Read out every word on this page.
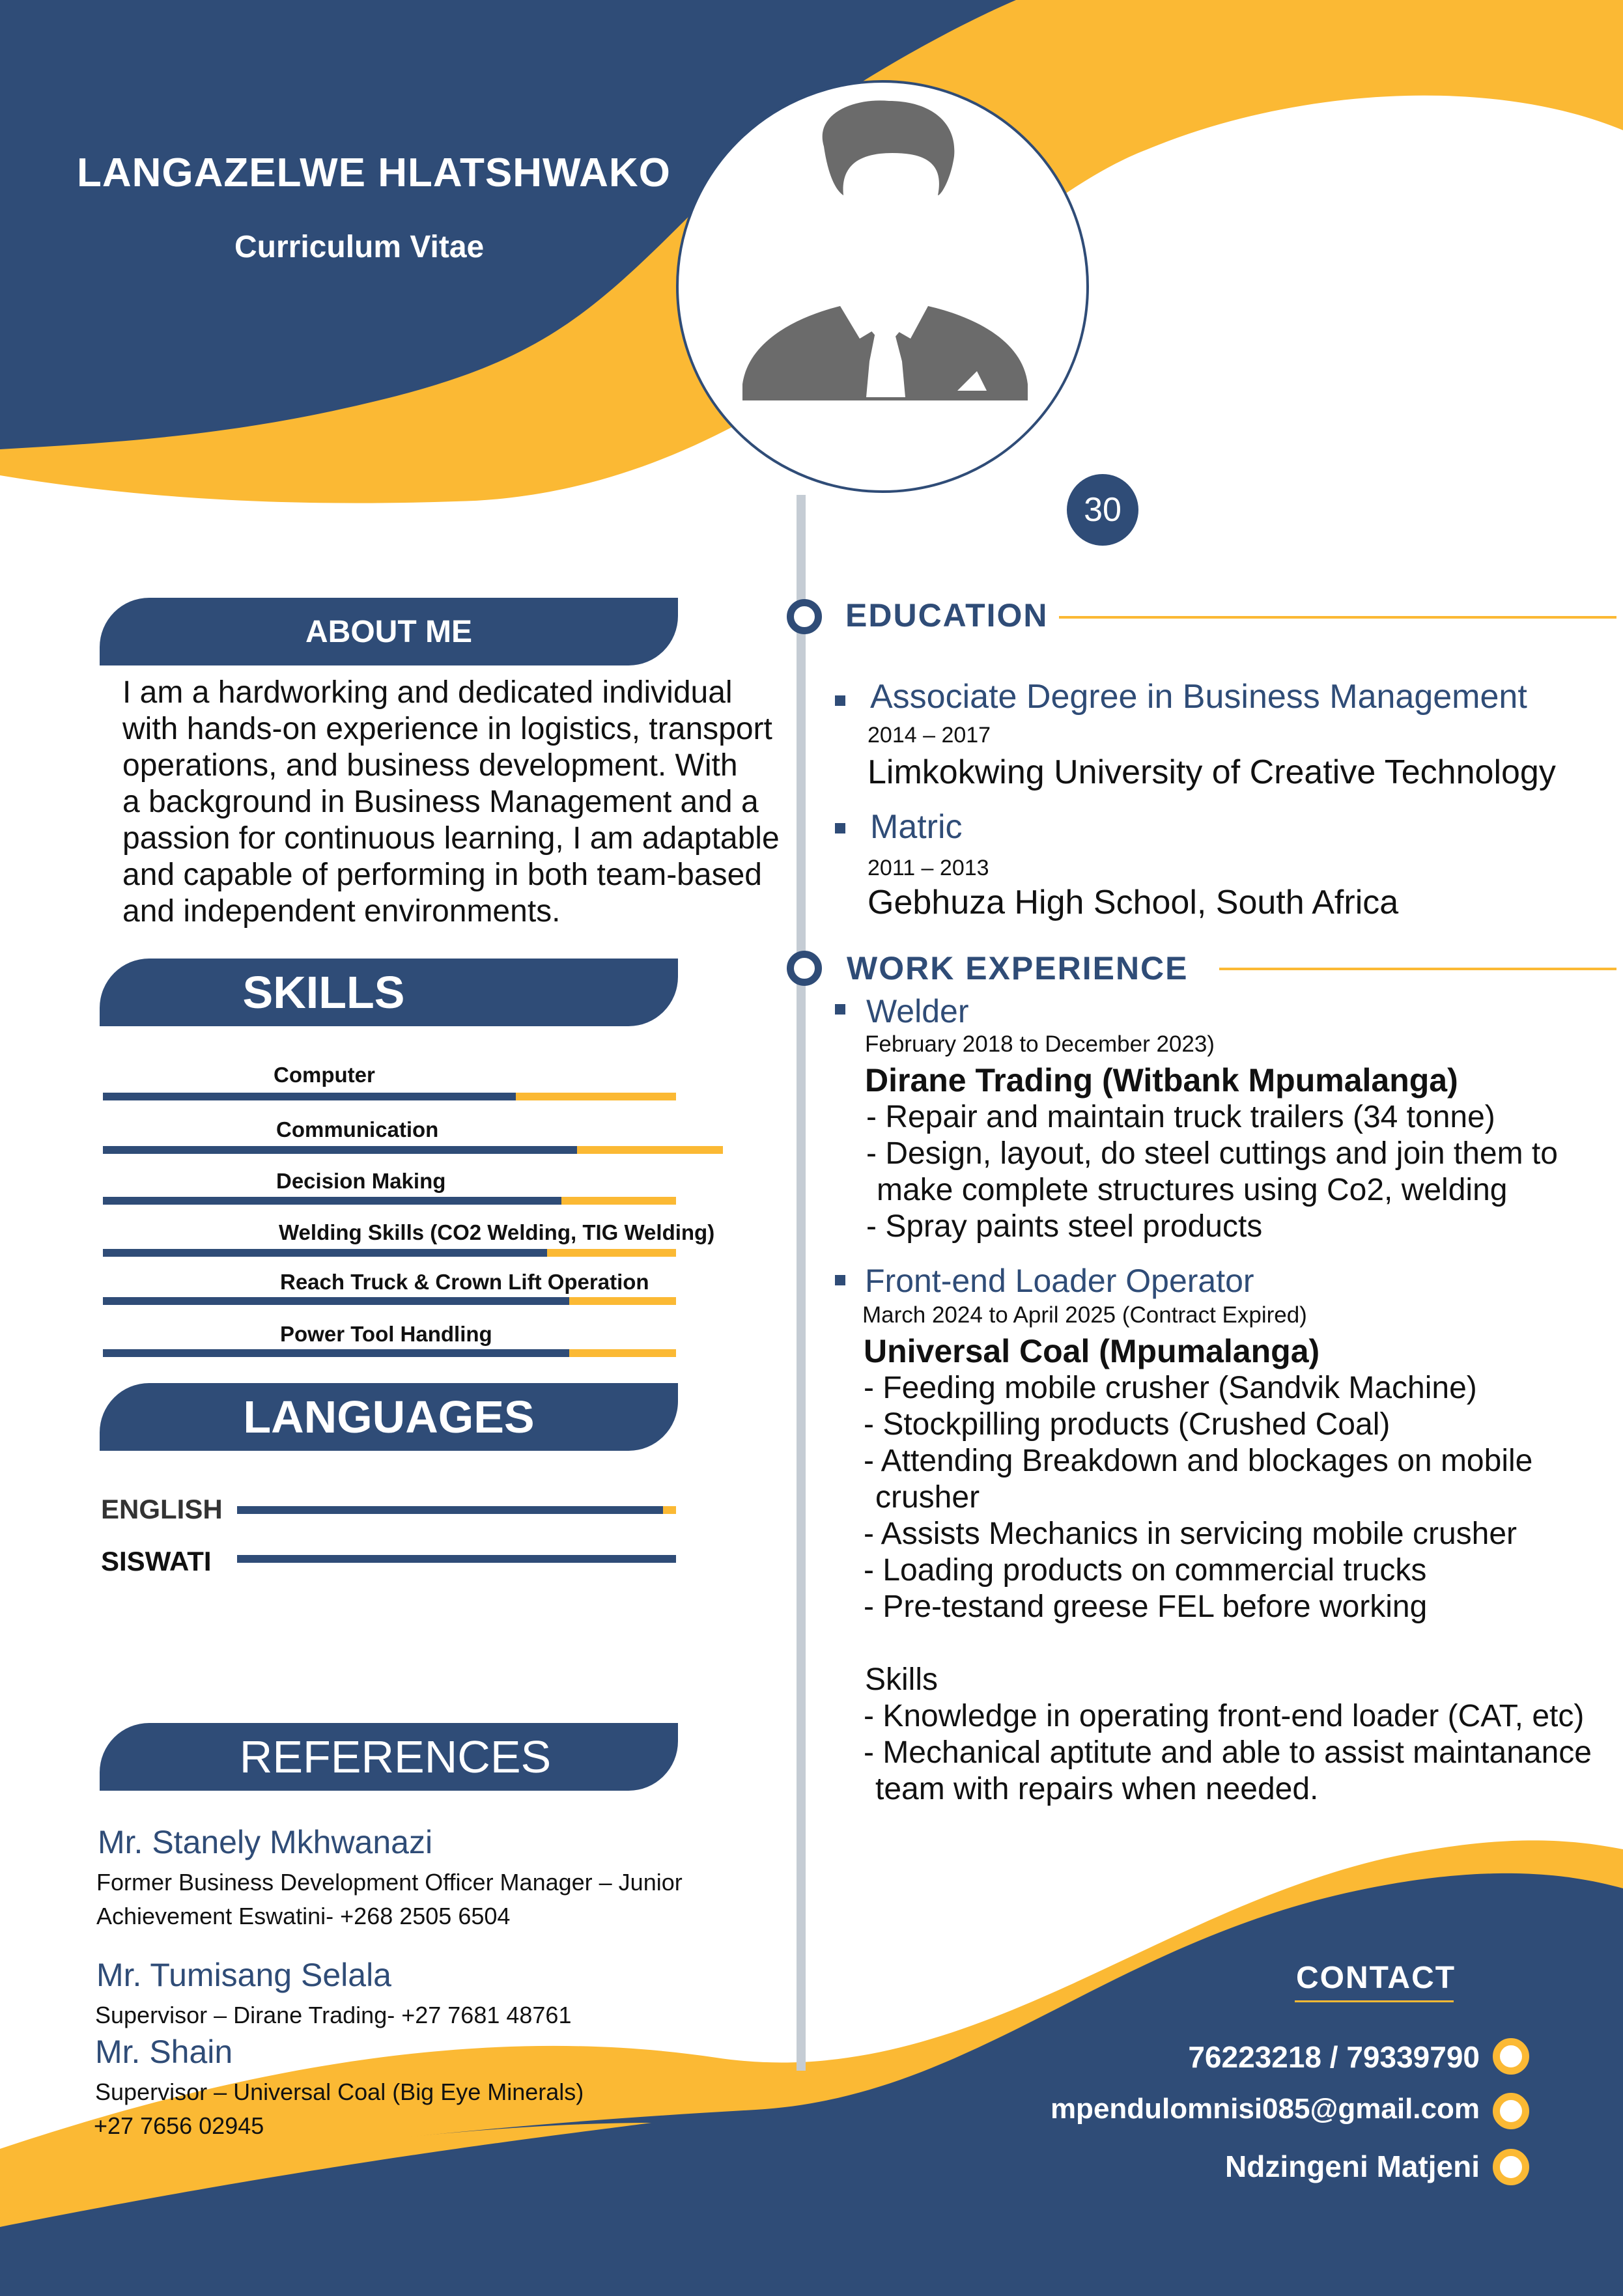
LANGAZELWE HLATSHWAKO
Curriculum Vitae
30
ABOUT ME
I am a hardworking and dedicated individual
with hands-on experience in logistics, transport
operations, and business development. With
a background in Business Management and a
passion for continuous learning, I am adaptable
and capable of performing in both team-based
and independent environments.
SKILLS
Computer
Communication
Decision Making
Welding Skills (CO2 Welding, TIG Welding)
Reach Truck & Crown Lift Operation
Power Tool Handling
LANGUAGES
ENGLISH
SISWATI
REFERENCES
Mr. Stanely Mkhwanazi
Former Business Development Officer Manager – Junior
Achievement Eswatini- +268 2505 6504
Mr. Tumisang Selala
Supervisor – Dirane Trading- +27 7681 48761
Mr. Shain
Supervisor – Universal Coal (Big Eye Minerals)
+27 7656 02945
EDUCATION
Associate Degree in Business Management
2014 – 2017
Limkokwing University of Creative Technology
Matric
2011 – 2013
Gebhuza High School, South Africa
WORK EXPERIENCE
Welder
February 2018 to December 2023)
Dirane Trading (Witbank Mpumalanga)
- Repair and maintain truck trailers (34 tonne)
- Design, layout, do steel cuttings and join them to
make complete structures using Co2, welding
- Spray paints steel products
Front-end Loader Operator
March 2024 to April 2025 (Contract Expired)
Universal Coal (Mpumalanga)
- Feeding mobile crusher (Sandvik Machine)
- Stockpilling products (Crushed Coal)
- Attending Breakdown and blockages on mobile
crusher
- Assists Mechanics in servicing mobile crusher
- Loading products on commercial trucks
- Pre-testand greese FEL before working
Skills
- Knowledge in operating front-end loader (CAT, etc)
- Mechanical aptitute and able to assist maintanance
team with repairs when needed.
CONTACT
76223218 / 79339790
mpendulomnisi085@gmail.com
Ndzingeni Matjeni
